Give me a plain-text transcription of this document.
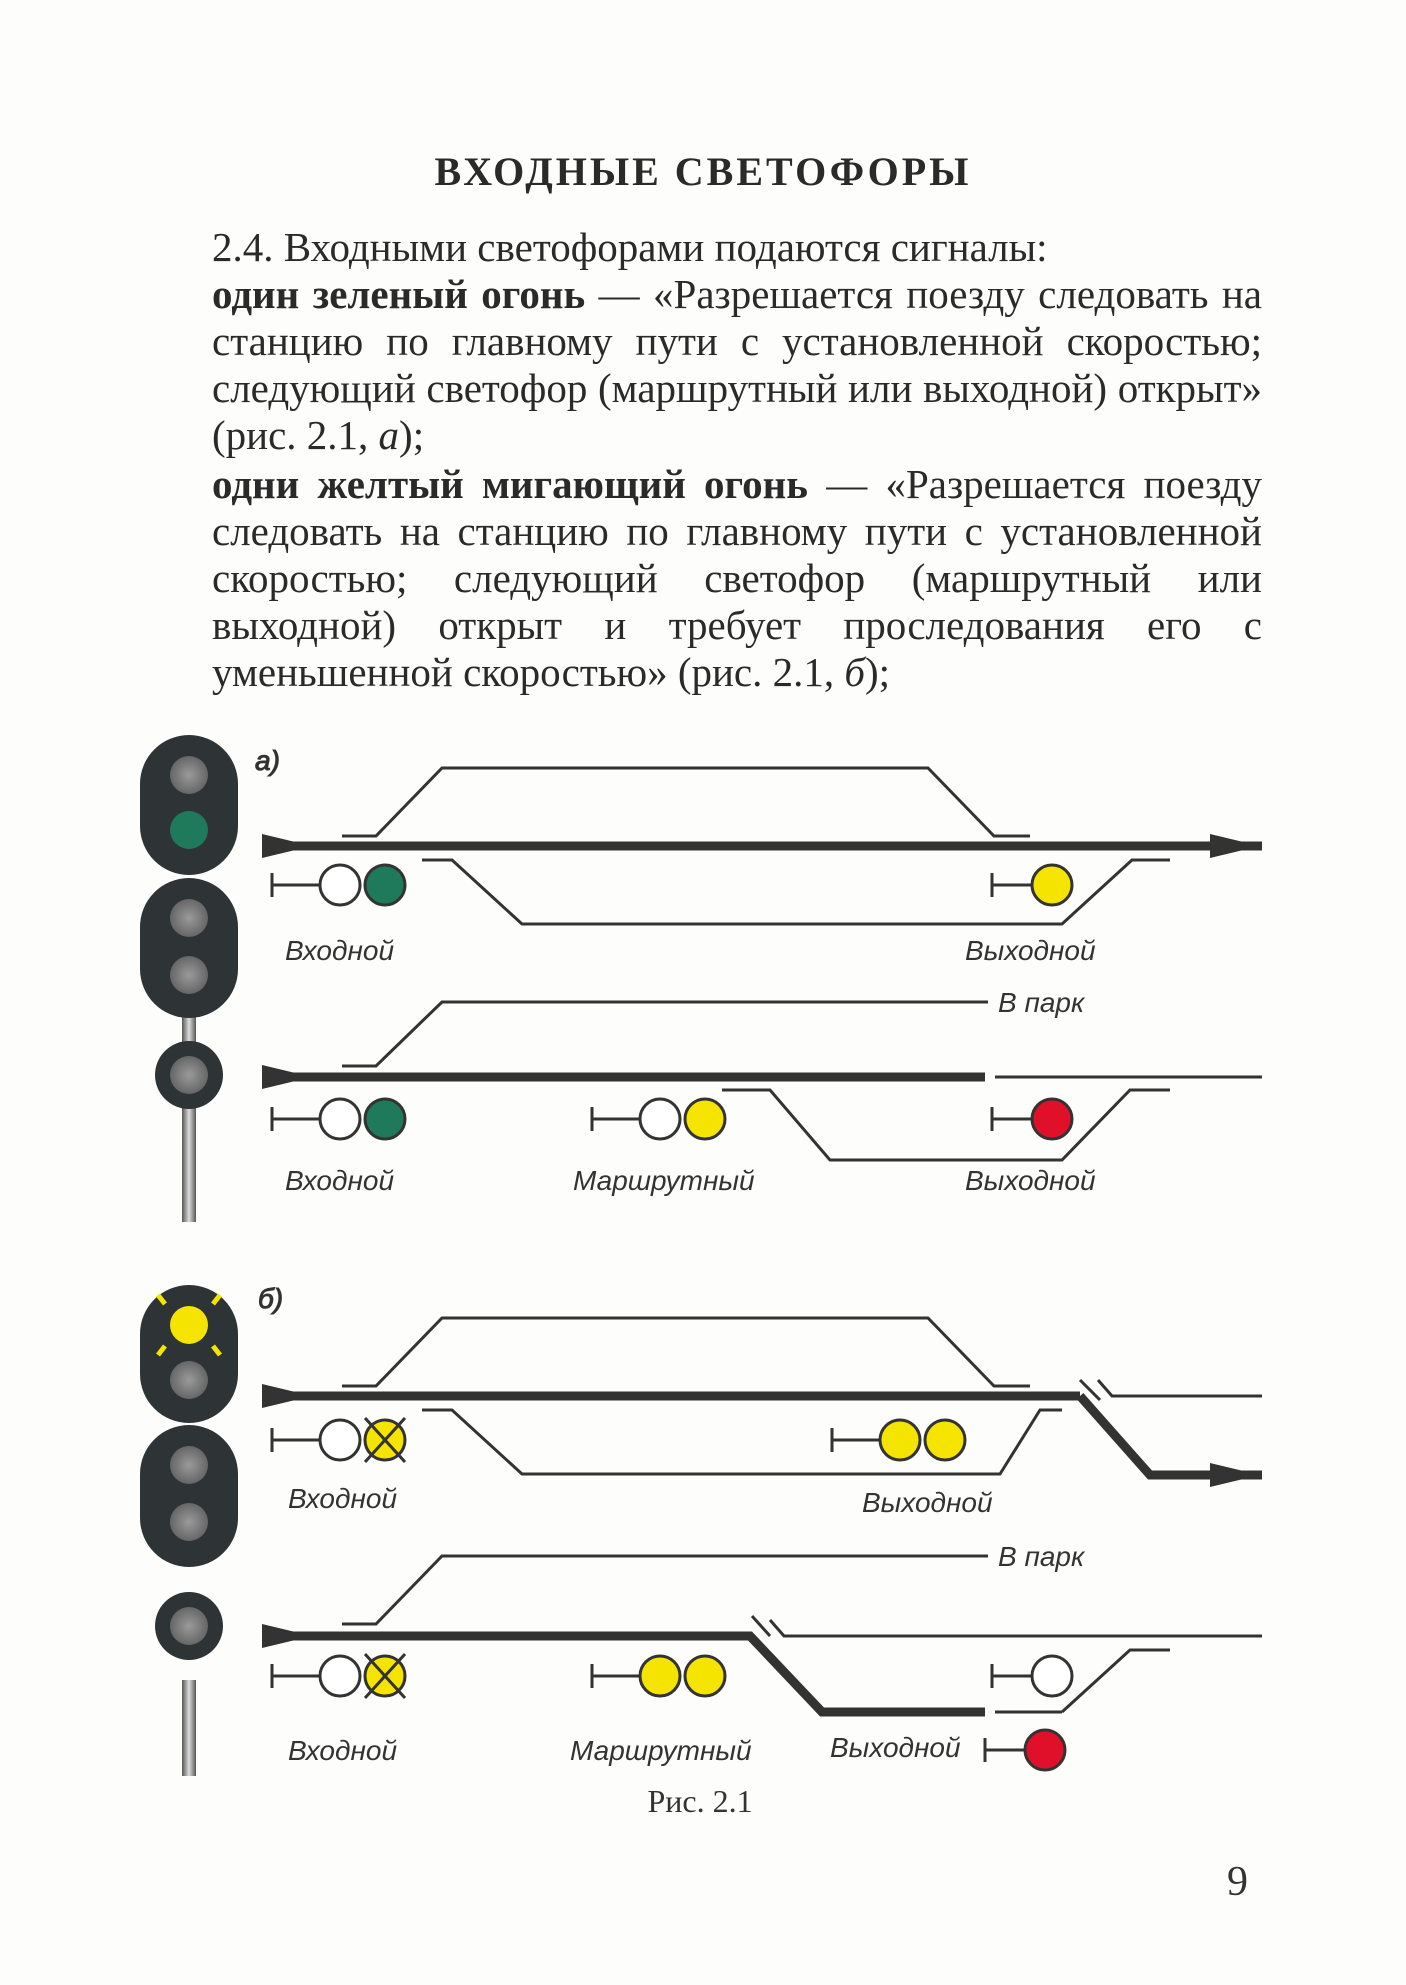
ВХОДНЫЕ СВЕТОФОРЫ
2.4. Входными светофорами подаются сигналы:
один зеленый огонь — «Разрешается поезду следовать на станцию по главному пути с установленной скоростью; следующий светофор (маршрутный или выходной) открыт» (рис. 2.1, а);
одни желтый мигающий огонь — «Разрешается поезду следовать на станцию по главному пути с установленной скоростью; следующий светофор (маршрутный или выходной) открыт и требует проследования его с уменьшенной скоростью» (рис. 2.1, б);
а)
Входной	Выходной
В парк
Входной	Маршрутный	Выходной
б)
Входной	Выходной
В парк
Входной	Маршрутный	Выходной
Рис. 2.1
9
